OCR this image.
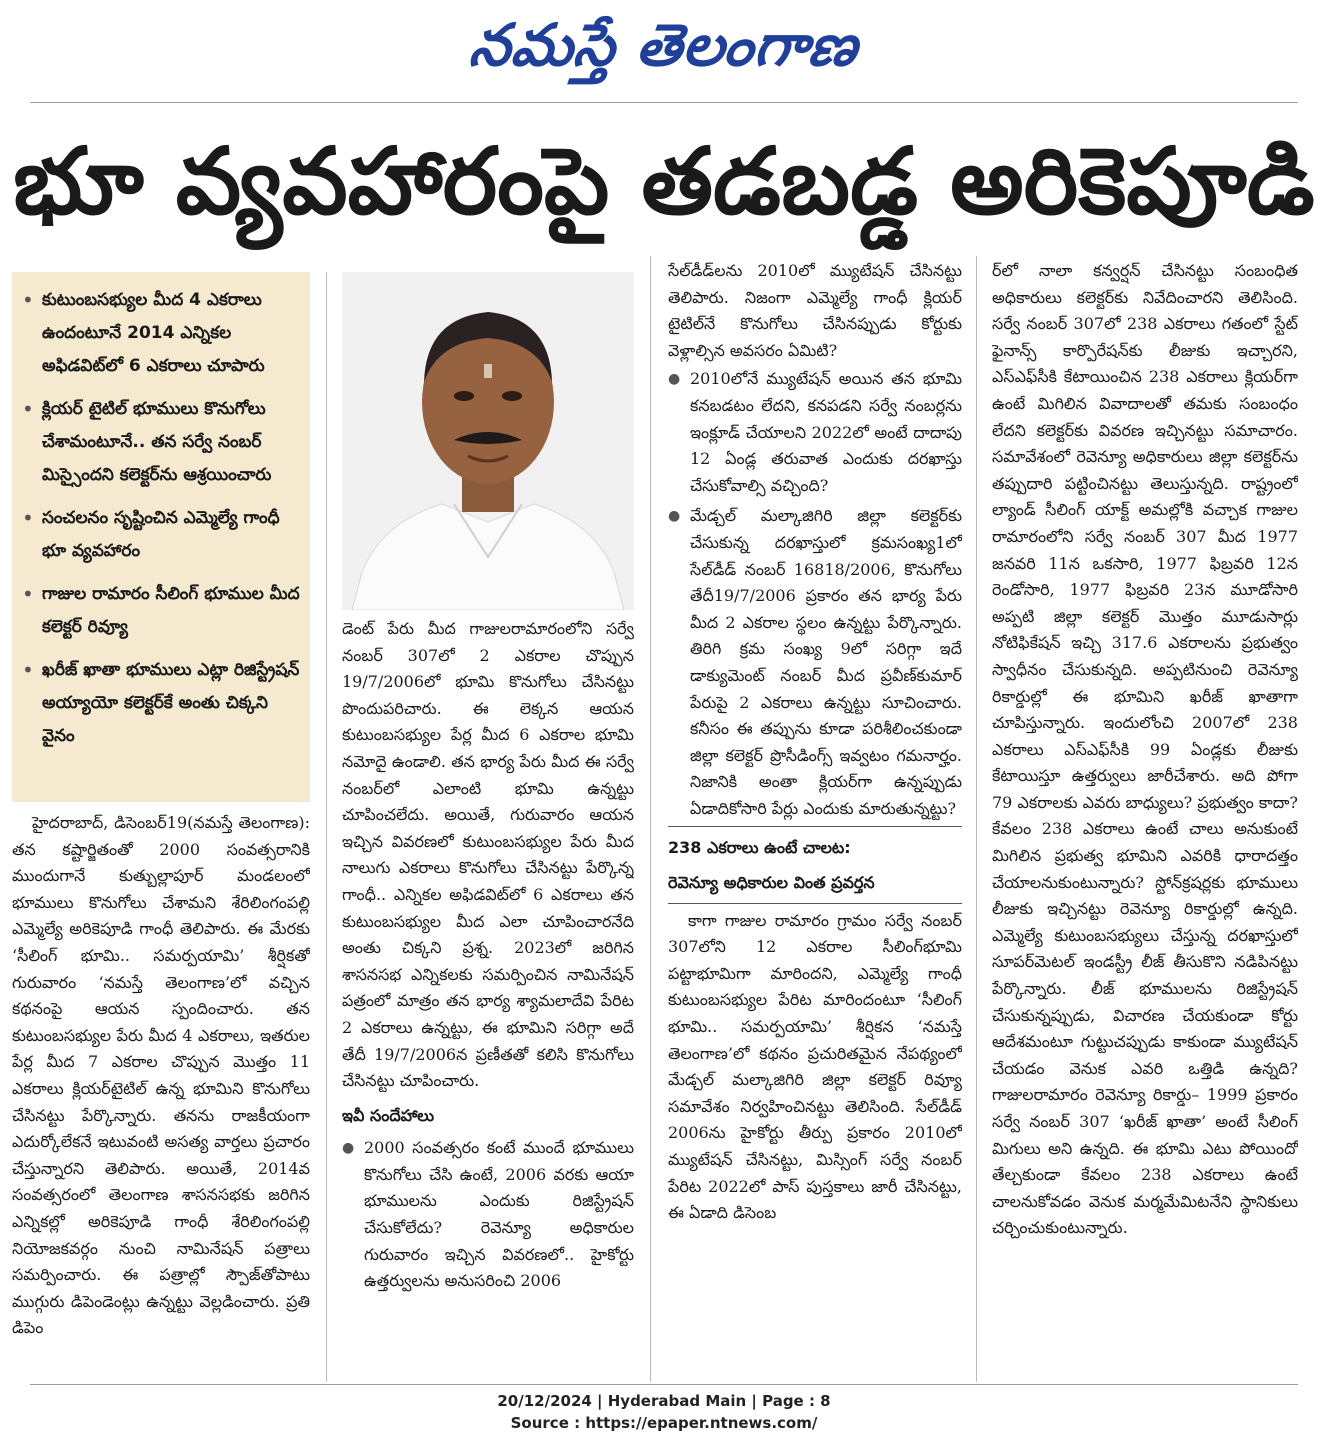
నమస్తే తెలంగాణ
భూ వ్యవహారంపై తడబడ్డ అరికెపూడి
• కుటుంబసభ్యుల మీద 4 ఎకరాలు ఉందంటూనే 2014 ఎన్నికల అఫిడవిట్‌లో 6 ఎకరాలు చూపారు
• క్లియర్ టైటిల్ భూములు కొనుగోలు చేశామంటూనే.. తన సర్వే నంబర్ మిస్సైందని కలెక్టర్‌ను ఆశ్రయించారు
• సంచలనం సృష్టించిన ఎమ్మెల్యే గాంధీ భూ వ్యవహారం
• గాజుల రామారం సీలింగ్ భూముల మీద కలెక్టర్ రివ్యూ
• ఖరీజ్ ఖాతా భూములు ఎట్లా రిజిస్ట్రేషన్ అయ్యాయో కలెక్టర్‌కే అంతు చిక్కని వైనం

హైదరాబాద్, డిసెంబర్19(నమస్తే తెలంగాణ): తన కష్టార్జితంతో 2000 సంవత్సరానికి ముందుగానే కుత్బుల్లాపూర్ మండలంలో భూములు కొనుగోలు చేశామని శేరిలింగంపల్లి ఎమ్మెల్యే అరికెపూడి గాంధీ తెలిపారు. ఈ మేరకు ‘సీలింగ్ భూమి.. సమర్పయామి’ శీర్షికతో గురువారం ‘నమస్తే తెలంగాణ’లో వచ్చిన కథనంపై ఆయన స్పందించారు. తన కుటుంబసభ్యుల పేరు మీద 4 ఎకరాలు, ఇతరుల పేర్ల మీద 7 ఎకరాల చొప్పున మొత్తం 11 ఎకరాలు క్లియర్‌టైటిల్ ఉన్న భూమిని కొనుగోలు చేసినట్టు పేర్కొన్నారు. తనను రాజకీయంగా ఎదుర్కోలేకనే ఇటువంటి అసత్య వార్తలు ప్రచారం చేస్తున్నారని తెలిపారు. అయితే, 2014వ సంవత్సరంలో తెలంగాణ శాసనసభకు జరిగిన ఎన్నికల్లో అరికెపూడి గాంధీ శేరిలింగంపల్లి నియోజకవర్గం నుంచి నామినేషన్ పత్రాలు సమర్పించారు. ఈ పత్రాల్లో స్పౌజ్‌తోపాటు ముగ్గురు డిపెండెంట్లు ఉన్నట్టు వెల్లడించారు. ప్రతి డిపెం

డెంట్ పేరు మీద గాజులరామారంలోని సర్వే నంబర్ 307లో 2 ఎకరాల చొప్పున 19/7/2006లో భూమి కొనుగోలు చేసినట్టు పొందుపరిచారు. ఈ లెక్కన ఆయన కుటుంబసభ్యుల పేర్ల మీద 6 ఎకరాల భూమి నమోదై ఉండాలి. తన భార్య పేరు మీద ఈ సర్వే నంబర్‌లో ఎలాంటి భూమి ఉన్నట్టు చూపించలేదు. అయితే, గురువారం ఆయన ఇచ్చిన వివరణలో కుటుంబసభ్యుల పేరు మీద నాలుగు ఎకరాలు కొనుగోలు చేసినట్టు పేర్కొన్న గాంధీ.. ఎన్నికల అఫిడవిట్‌లో 6 ఎకరాలు తన కుటుంబసభ్యుల మీద ఎలా చూపించారనేది అంతు చిక్కని ప్రశ్న. 2023లో జరిగిన శాసనసభ ఎన్నికలకు సమర్పించిన నామినేషన్ పత్రంలో మాత్రం తన భార్య శ్యామలాదేవి పేరిట 2 ఎకరాలు ఉన్నట్టు, ఈ భూమిని సరిగ్గా అదే తేదీ 19/7/2006న ప్రణీతతో కలిసి కొనుగోలు చేసినట్టు చూపించారు.

ఇవీ సందేహాలు
● 2000 సంవత్సరం కంటే ముందే భూములు కొనుగోలు చేసి ఉంటే, 2006 వరకు ఆయా భూములను ఎందుకు రిజిస్ట్రేషన్ చేసుకోలేదు? రెవెన్యూ అధికారుల గురువారం ఇచ్చిన వివరణలో.. హైకోర్టు ఉత్తర్వులను అనుసరించి 2006

సేల్‌డీడ్‌లను 2010లో మ్యుటేషన్ చేసినట్టు తెలిపారు. నిజంగా ఎమ్మెల్యే గాంధీ క్లియర్ టైటిల్‌నే కొనుగోలు చేసినప్పుడు కోర్టుకు వెళ్లాల్సిన అవసరం ఏమిటి?

● 2010లోనే మ్యుటేషన్ అయిన తన భూమి కనబడటం లేదని, కనపడని సర్వే నంబర్లను ఇంక్లూడ్ చేయాలని 2022లో అంటే దాదాపు 12 ఏండ్ల తరువాత ఎందుకు దరఖాస్తు చేసుకోవాల్సి వచ్చింది?
● మేడ్చల్ మల్కాజిగిరి జిల్లా కలెక్టర్‌కు చేసుకున్న దరఖాస్తులో క్రమసంఖ్య1లో సేల్‌డీడ్ నంబర్ 16818/2006, కొనుగోలు తేదీ19/7/2006 ప్రకారం తన భార్య పేరు మీద 2 ఎకరాల స్థలం ఉన్నట్టు పేర్కొన్నారు. తిరిగి క్రమ సంఖ్య 9లో సరిగ్గా ఇదే డాక్యుమెంట్ నంబర్ మీద ప్రవీణ్‌కుమార్ పేరుపై 2 ఎకరాలు ఉన్నట్టు సూచించారు. కనీసం ఈ తప్పును కూడా పరిశీలించకుండా జిల్లా కలెక్టర్ ప్రొసీడింగ్స్ ఇవ్వటం గమనార్హం. నిజానికి అంతా క్లియర్‌గా ఉన్నప్పుడు ఏడాదికోసారి పేర్లు ఎందుకు మారుతున్నట్టు?
238 ఎకరాలు ఉంటే చాలట:
రెవెన్యూ అధికారుల వింత ప్రవర్తన

కాగా గాజుల రామారం గ్రామం సర్వే నంబర్ 307లోని 12 ఎకరాల సీలింగ్‌భూమి పట్టాభూమిగా మారిందని, ఎమ్మెల్యే గాంధీ కుటుంబసభ్యుల పేరిట మారిందంటూ ‘సీలింగ్ భూమి.. సమర్పయామి’ శీర్షికన ‘నమస్తే తెలంగాణ’లో కథనం ప్రచురితమైన నేపథ్యంలో మేడ్చల్ మల్కాజిగిరి జిల్లా కలెక్టర్ రివ్యూ సమావేశం నిర్వహించినట్టు తెలిసింది. సేల్‌డీడ్ 2006ను హైకోర్టు తీర్పు ప్రకారం 2010లో మ్యుటేషన్ చేసినట్టు, మిస్సింగ్ సర్వే నంబర్ పేరిట 2022లో పాస్ పుస్తకాలు జారీ చేసినట్టు, ఈ ఏడాది డిసెంబ

ర్‌లో నాలా కన్వర్షన్ చేసినట్టు సంబంధిత అధికారులు కలెక్టర్‌కు నివేదించారని తెలిసింది. సర్వే నంబర్ 307లో 238 ఎకరాలు గతంలో స్టేట్ ఫైనాన్స్ కార్పొరేషన్‌కు లీజుకు ఇచ్చారని, ఎస్‌ఎఫ్‌సీకి కేటాయించిన 238 ఎకరాలు క్లియర్‌గా ఉంటే మిగిలిన వివాదాలతో తమకు సంబంధం లేదని కలెక్టర్‌కు వివరణ ఇచ్చినట్టు సమాచారం. సమావేశంలో రెవెన్యూ అధికారులు జిల్లా కలెక్టర్‌ను తప్పుదారి పట్టించినట్టు తెలుస్తున్నది. రాష్ట్రంలో ల్యాండ్ సీలింగ్ యాక్ట్ అమల్లోకి వచ్చాక గాజుల రామారంలోని సర్వే నంబర్ 307 మీద 1977 జనవరి 11న ఒకసారి, 1977 ఫిబ్రవరి 12న రెండోసారి, 1977 ఫిబ్రవరి 23న మూడోసారి అప్పటి జిల్లా కలెక్టర్ మొత్తం మూడుసార్లు నోటిఫికేషన్ ఇచ్చి 317.6 ఎకరాలను ప్రభుత్వం స్వాధీనం చేసుకున్నది. అప్పటినుంచి రెవెన్యూ రికార్డుల్లో ఈ భూమిని ఖరీజ్ ఖాతాగా చూపిస్తున్నారు. ఇందులోంచి 2007లో 238 ఎకరాలు ఎస్‌ఎఫ్‌సీకి 99 ఏండ్లకు లీజుకు కేటాయిస్తూ ఉత్తర్వులు జారీచేశారు. అది పోగా 79 ఎకరాలకు ఎవరు బాధ్యులు? ప్రభుత్వం కాదా? కేవలం 238 ఎకరాలు ఉంటే చాలు అనుకుంటే మిగిలిన ప్రభుత్వ భూమిని ఎవరికి ధారాదత్తం చేయాలనుకుంటున్నారు? స్టోన్‌క్రషర్లకు భూములు లీజుకు ఇచ్చినట్టు రెవెన్యూ రికార్డుల్లో ఉన్నది. ఎమ్మెల్యే కుటుంబసభ్యులు చేస్తున్న దరఖాస్తులో సూపర్‌మెటల్ ఇండస్ట్రీ లీజ్ తీసుకొని నడిపినట్టు పేర్కొన్నారు. లీజ్ భూములను రిజిస్ట్రేషన్ చేసుకున్నప్పుడు, విచారణ చేయకుండా కోర్టు ఆదేశమంటూ గుట్టుచప్పుడు కాకుండా మ్యుటేషన్ చేయడం వెనుక ఎవరి ఒత్తిడి ఉన్నది? గాజులరామారం రెవెన్యూ రికార్డు– 1999 ప్రకారం సర్వే నంబర్ 307 ‘ఖరీజ్ ఖాతా’ అంటే సీలింగ్ మిగులు అని ఉన్నది. ఈ భూమి ఎటు పోయిందో తేల్చకుండా కేవలం 238 ఎకరాలు ఉంటే చాలనుకోవడం వెనుక మర్మమేమిటనేని స్థానికులు చర్చించుకుంటున్నారు.

20/12/2024 | Hyderabad Main | Page : 8
Source : https://epaper.ntnews.com/
